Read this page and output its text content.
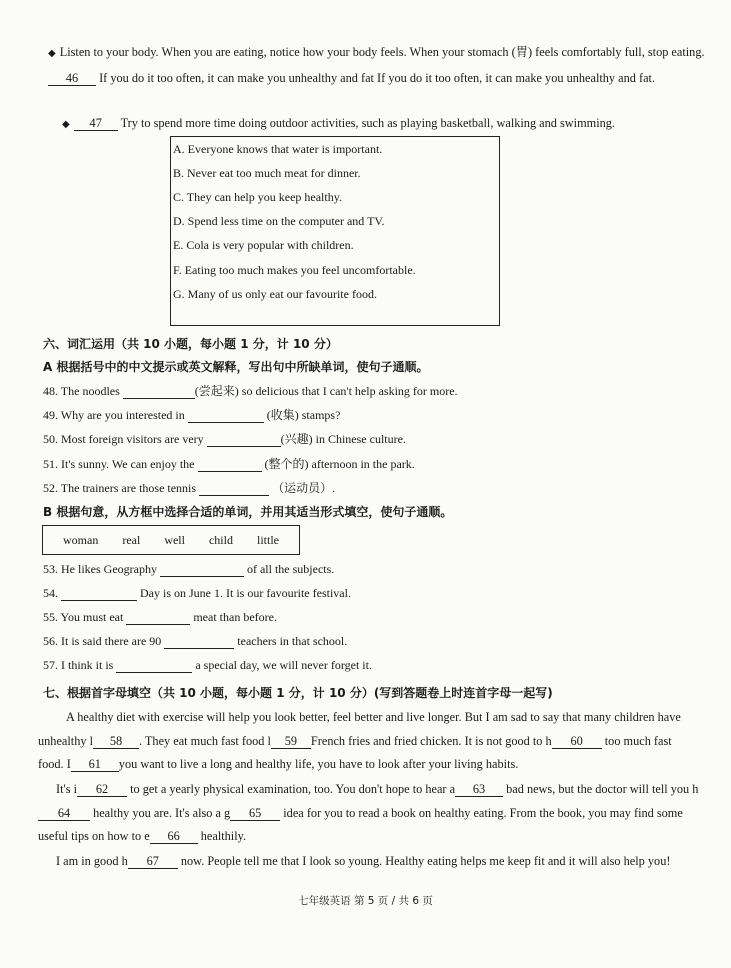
◆ Listen to your body. When you are eating, notice how your body feels. When your stomach (胃) feels comfortably full, stop eating. 46 If you do it too often, it can make you unhealthy and fat If you do it too often, it can make you unhealthy and fat.
◆ 47 Try to spend more time doing outdoor activities, such as playing basketball, walking and swimming.
A. Everyone knows that water is important.
B. Never eat too much meat for dinner.
C. They can help you keep healthy.
D. Spend less time on the computer and TV.
E. Cola is very popular with children.
F. Eating too much makes you feel uncomfortable.
G. Many of us only eat our favourite food.
六、词汇运用（共 10 小题，每小题 1 分，计 10 分）
A 根据括号中的中文提示或英文解释，写出句中所缺单词，使句子通顺。
48. The noodles	(尝起来) so delicious that I can't help asking for more.
49. Why are you interested in	(收集) stamps?
50. Most foreign visitors are very	(兴趣) in Chinese culture.
51. It's sunny. We can enjoy the	(整个的) afternoon in the park.
52. The trainers are those tennis	（运动员）.
B 根据句意，从方框中选择合适的单词，并用其适当形式填空，使句子通顺。
woman real well child little
53. He likes Geography	of all the subjects.
54.	Day is on June 1. It is our favourite festival.
55. You must eat	meat than before.
56. It is said there are 90	teachers in that school.
57. I think it is	a special day, we will never forget it.
七、根据首字母填空（共 10 小题，每小题 1 分，计 10 分）(写到答题卷上时连首字母一起写)
A healthy diet with exercise will help you look better, feel better and live longer. But I am sad to say that many children have unhealthy l 58 . They eat much fast food l 59 French fries and fried chicken. It is not good to h 60 too much fast food. I 61 you want to live a long and healthy life, you have to look after your living habits.
It's i 62 to get a yearly physical examination, too. You don't hope to hear a 63 bad news, but the doctor will tell you h64 healthy you are. It's also a g 65 idea for you to read a book on healthy eating. From the book, you may find some useful tips on how to e 66 healthily.
I am in good h 67 now. People tell me that I look so young. Healthy eating helps me keep fit and it will also help you!
七年级英语 第 5 页 / 共 6 页
